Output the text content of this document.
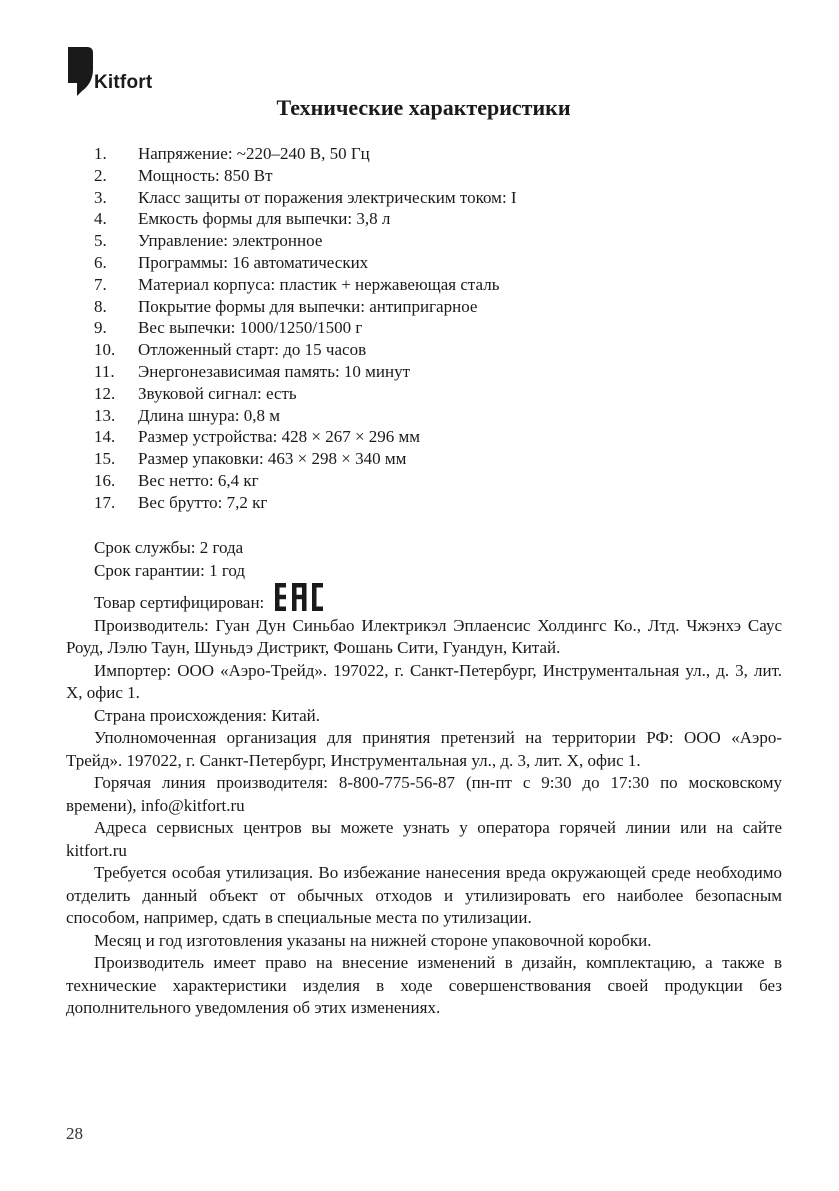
Kitfort
Технические характеристики
1. Напряжение: ~220–240 В, 50 Гц
2. Мощность: 850 Вт
3. Класс защиты от поражения электрическим током: I
4. Емкость формы для выпечки: 3,8 л
5. Управление: электронное
6. Программы: 16 автоматических
7. Материал корпуса: пластик + нержавеющая сталь
8. Покрытие формы для выпечки: антипригарное
9. Вес выпечки: 1000/1250/1500 г
10. Отложенный старт: до 15 часов
11. Энергонезависимая память: 10 минут
12. Звуковой сигнал: есть
13. Длина шнура: 0,8 м
14. Размер устройства: 428 × 267 × 296 мм
15. Размер упаковки: 463 × 298 × 340 мм
16. Вес нетто: 6,4 кг
17. Вес брутто: 7,2 кг
Срок службы: 2 года
Срок гарантии: 1 год
Товар сертифицирован:
Производитель: Гуан Дун Синьбао Илектрикэл Эплаенсис Холдингс Ко., Лтд. Чжэнхэ Саус Роуд, Лэлю Таун, Шуньдэ Дистрикт, Фошань Сити, Гуандун, Китай.
Импортер: ООО «Аэро-Трейд». 197022, г. Санкт-Петербург, Инструментальная ул., д. 3, лит. Х, офис 1.
Страна происхождения: Китай.
Уполномоченная организация для принятия претензий на территории РФ: ООО «Аэро-Трейд». 197022, г. Санкт-Петербург, Инструментальная ул., д. 3, лит. Х, офис 1.
Горячая линия производителя: 8-800-775-56-87 (пн-пт с 9:30 до 17:30 по московскому времени), info@kitfort.ru
Адреса сервисных центров вы можете узнать у оператора горячей линии или на сайте kitfort.ru
Требуется особая утилизация. Во избежание нанесения вреда окружающей среде необходимо отделить данный объект от обычных отходов и утилизировать его наиболее безопасным способом, например, сдать в специальные места по утилизации.
Месяц и год изготовления указаны на нижней стороне упаковочной коробки.
Производитель имеет право на внесение изменений в дизайн, комплектацию, а также в технические характеристики изделия в ходе совершенствования своей продукции без дополнительного уведомления об этих изменениях.
28
